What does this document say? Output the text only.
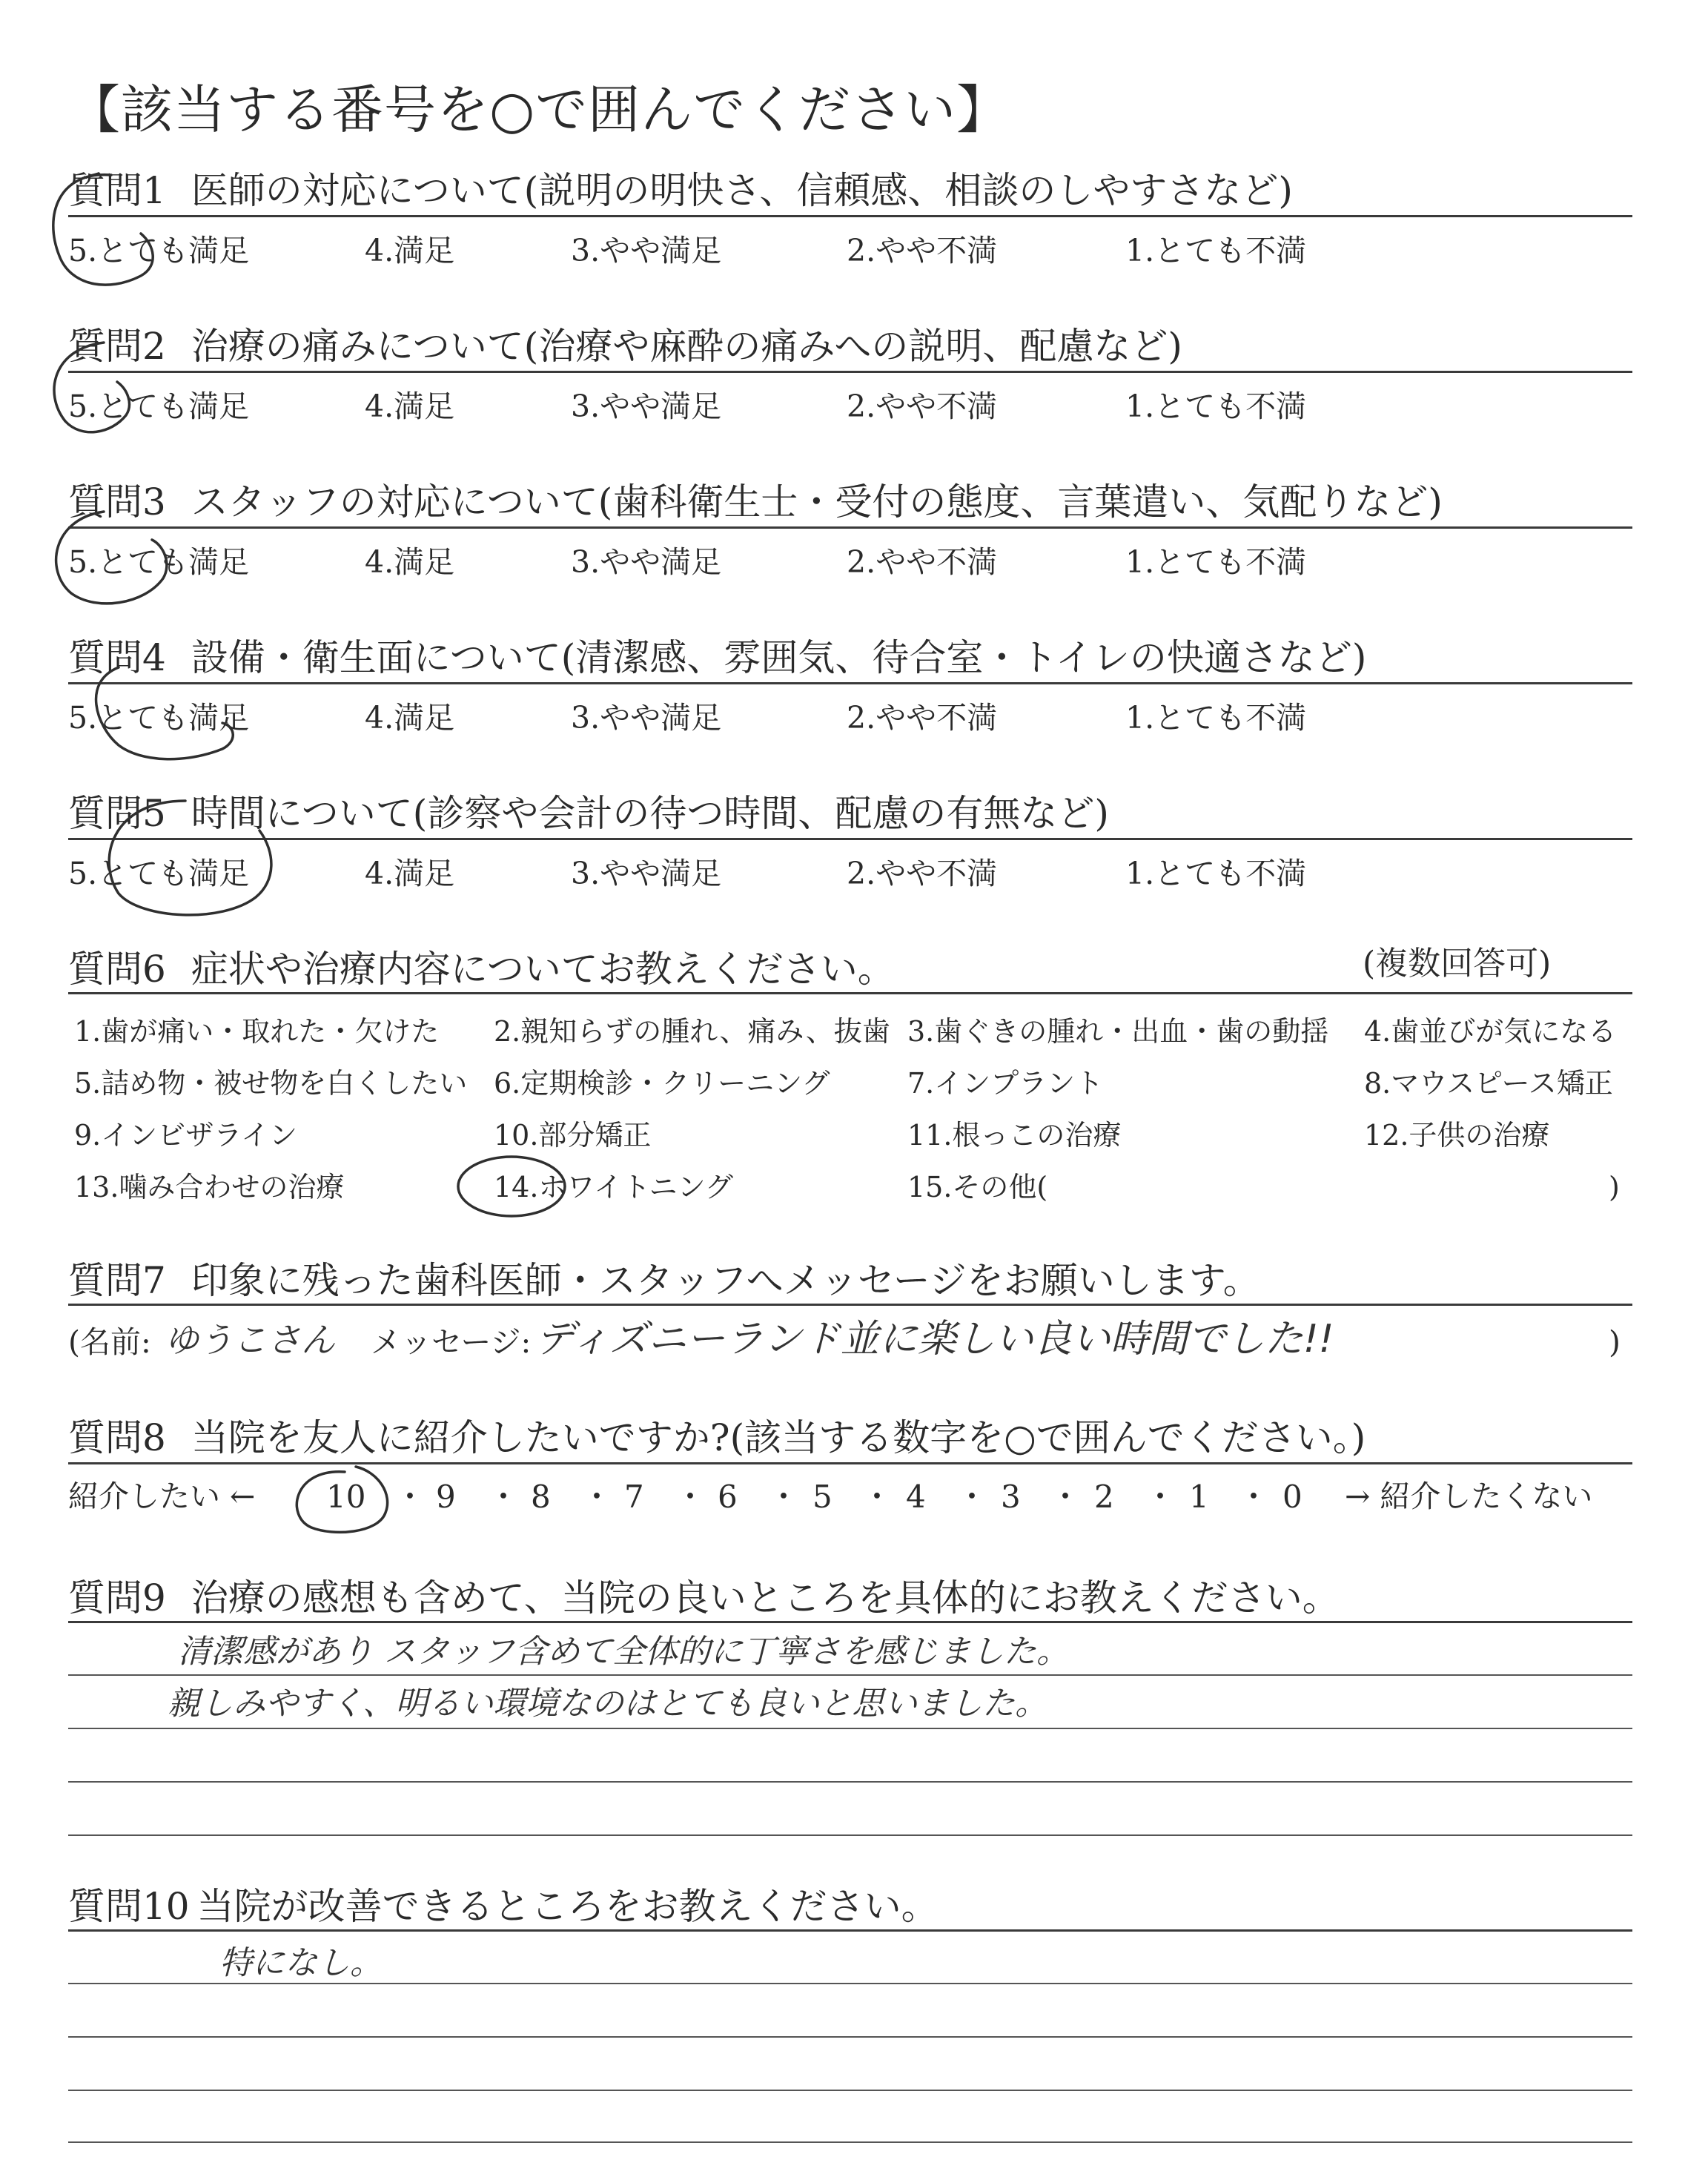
【該当する番号を○で囲んでください】
質問1 医師の対応について(説明の明快さ、信頼感、相談のしやすさなど)
5.とても満足	4.満足	3.やや満足	2.やや不満	1.とても不満
質問2 治療の痛みについて(治療や麻酔の痛みへの説明、配慮など)
5.とても満足	4.満足	3.やや満足	2.やや不満	1.とても不満
質問3 スタッフの対応について(歯科衛生士・受付の態度、言葉遣い、気配りなど)
5.とても満足	4.満足	3.やや満足	2.やや不満	1.とても不満
質問4 設備・衛生面について(清潔感、雰囲気、待合室・トイレの快適さなど)
5.とても満足	4.満足	3.やや満足	2.やや不満	1.とても不満
質問5 時間について(診察や会計の待つ時間、配慮の有無など)
5.とても満足	4.満足	3.やや満足	2.やや不満	1.とても不満
質問6 症状や治療内容についてお教えください。	(複数回答可)
1.歯が痛い・取れた・欠けた 2.親知らずの腫れ、痛み、抜歯 3.歯ぐきの腫れ・出血・歯の動揺 4.歯並びが気になる
5.詰め物・被せ物を白くしたい 6.定期検診・クリーニング	7.インプラント	8.マウスピース矯正
9.インビザライン	10.部分矯正	11.根っこの治療	12.子供の治療
13.噛み合わせの治療	14.ホワイトニング	15.その他(	)
質問7 印象に残った歯科医師・スタッフへメッセージをお願いします。
(名前: ゆうこさん メッセージ: ディズニーランド並に楽しい良い時間でした!!	)
質問8 当院を友人に紹介したいですか?(該当する数字を○で囲んでください。)
紹介したい ←	→ 紹介したくない
10 9 8 7 6 5 4 3 2 1 0
・ ・ ・ ・ ・ ・ ・ ・ ・ ・
質問9 治療の感想も含めて、当院の良いところを具体的にお教えください。
清潔感があり スタッフ含めて全体的に丁寧さを感じました。
親しみやすく、明るい環境なのはとても良いと思いました。
質問10 当院が改善できるところをお教えください。
特になし。
